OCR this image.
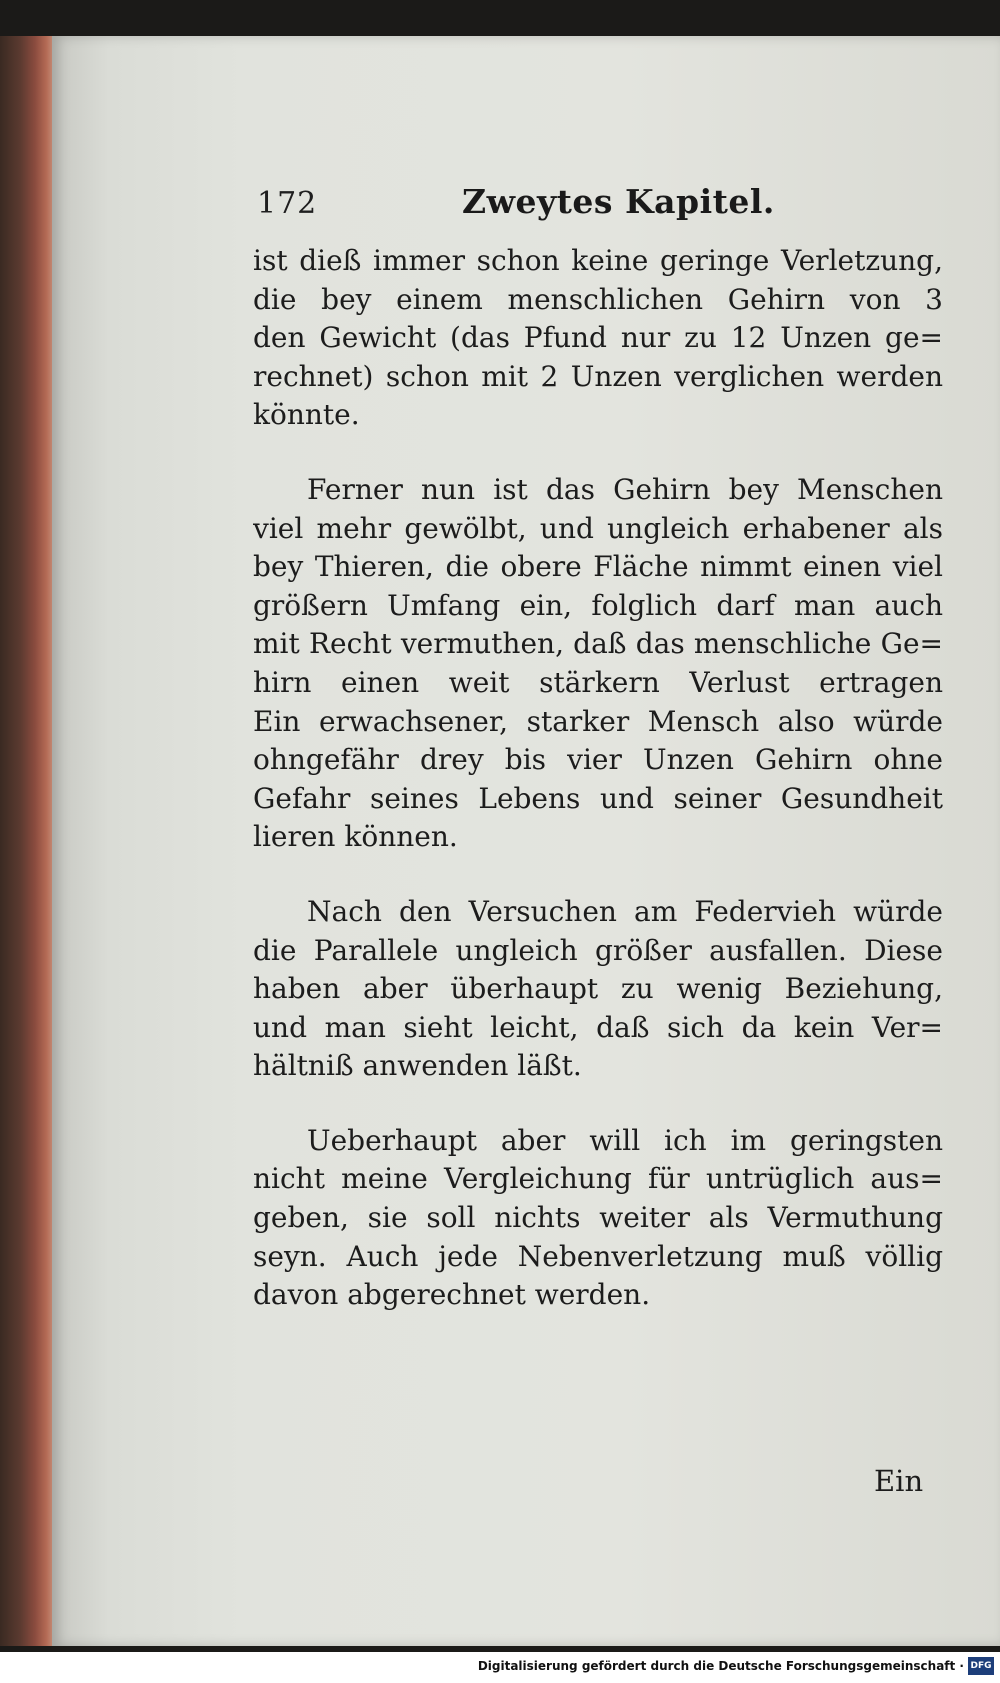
172	Zweytes Kapitel.
ist dieß immer schon keine geringe Verletzung,
die bey einem menschlichen Gehirn von 3
den Gewicht (das Pfund nur zu 12 Unzen ge=
rechnet) schon mit 2 Unzen verglichen werden
könnte.
Ferner nun ist das Gehirn bey Menschen
viel mehr gewölbt, und ungleich erhabener als
bey Thieren, die obere Fläche nimmt einen viel
größern Umfang ein, folglich darf man auch
mit Recht vermuthen, daß das menschliche Ge=
hirn einen weit stärkern Verlust ertragen
Ein erwachsener, starker Mensch also würde
ohngefähr drey bis vier Unzen Gehirn ohne
Gefahr seines Lebens und seiner Gesundheit
lieren können.
Nach den Versuchen am Federvieh würde
die Parallele ungleich größer ausfallen. Diese
haben aber überhaupt zu wenig Beziehung,
und man sieht leicht, daß sich da kein Ver=
hältniß anwenden läßt.
Ueberhaupt aber will ich im geringsten
nicht meine Vergleichung für untrüglich aus=
geben, sie soll nichts weiter als Vermuthung
seyn. Auch jede Nebenverletzung muß völlig
davon abgerechnet werden.
Ein
Digitalisierung gefördert durch die Deutsche Forschungsgemeinschaft · DFG
